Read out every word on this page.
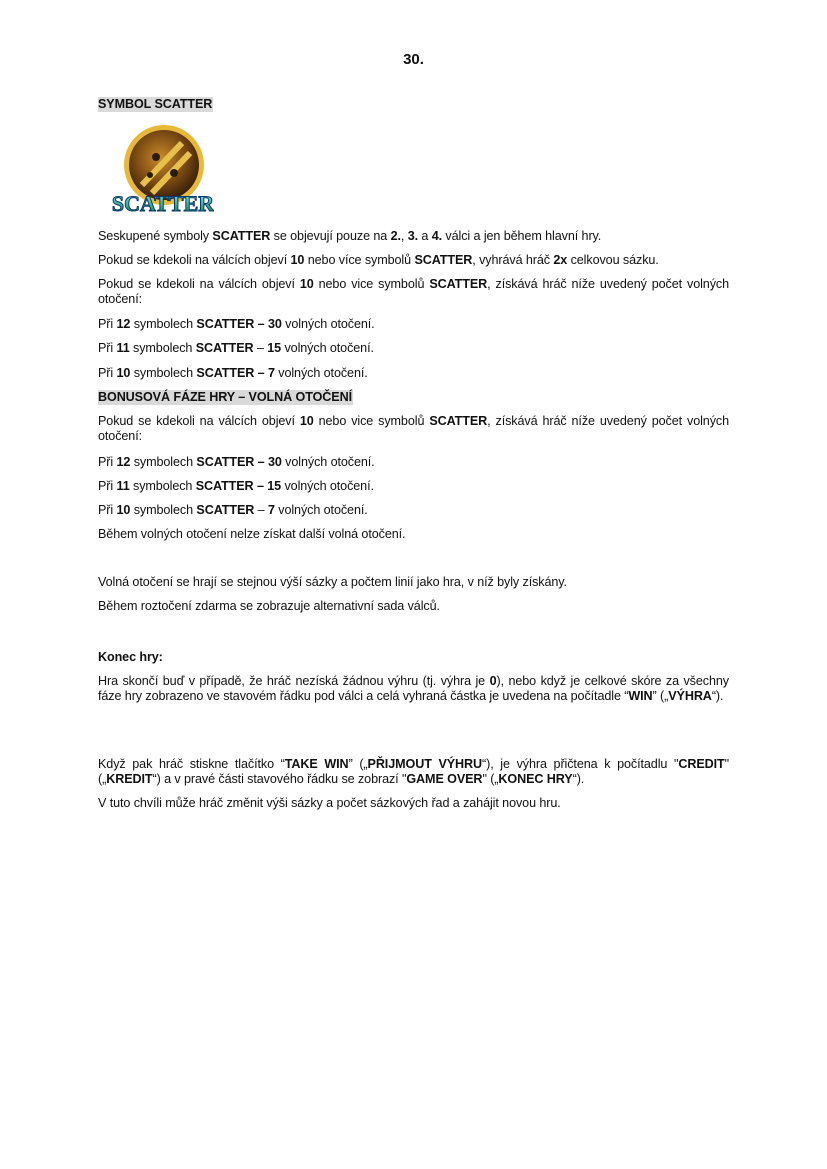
30.
SYMBOL SCATTER
SCATTER
Seskupené symboly SCATTER se objevují pouze na 2., 3. a 4. válci a jen během hlavní hry.
Pokud se kdekoli na válcích objeví 10 nebo více symbolů SCATTER, vyhrává hráč 2x celkovou sázku.
Pokud se kdekoli na válcích objeví 10 nebo vice symbolů SCATTER, získává hráč níže uvedený počet volných otočení:
Při 12 symbolech SCATTER – 30 volných otočení.
Při 11 symbolech SCATTER – 15 volných otočení.
Při 10 symbolech SCATTER – 7 volných otočení.
BONUSOVÁ FÁZE HRY – VOLNÁ OTOČENÍ
Pokud se kdekoli na válcích objeví 10 nebo vice symbolů SCATTER, získává hráč níže uvedený počet volných otočení:
Při 12 symbolech SCATTER – 30 volných otočení.
Při 11 symbolech SCATTER – 15 volných otočení.
Při 10 symbolech SCATTER – 7 volných otočení.
Během volných otočení nelze získat další volná otočení.
Volná otočení se hrají se stejnou výší sázky a počtem linií jako hra, v níž byly získány.
Během roztočení zdarma se zobrazuje alternativní sada válců.
Konec hry:
Hra skončí buď v případě, že hráč nezíská žádnou výhru (tj. výhra je 0), nebo když je celkové skóre za všechny fáze hry zobrazeno ve stavovém řádku pod válci a celá vyhraná částka je uvedena na počítadle “WIN” („VÝHRA“).
Když pak hráč stiskne tlačítko “TAKE WIN” („PŘIJMOUT VÝHRU“), je výhra přičtena k počítadlu "CREDIT" („KREDIT“) a v pravé části stavového řádku se zobrazí "GAME OVER" („KONEC HRY“).
V tuto chvíli může hráč změnit výši sázky a počet sázkových řad a zahájit novou hru.
